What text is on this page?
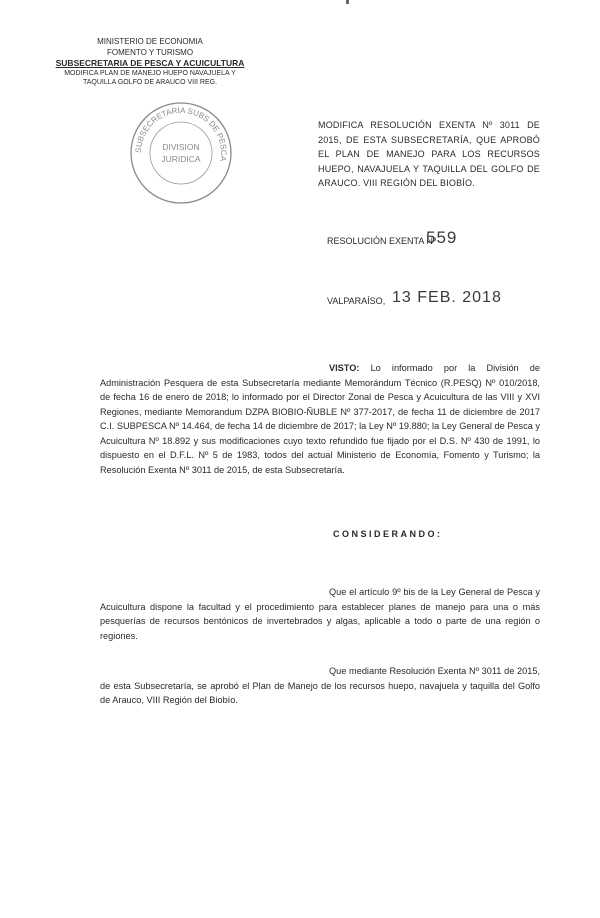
MINISTERIO DE ECONOMIA
FOMENTO Y TURISMO
SUBSECRETARIA DE PESCA Y ACUICULTURA
MODIFICA PLAN DE MANEJO HUEPO NAVAJUELA Y
TAQUILLA GOLFO DE ARAUCO VIII REG.
SUBSECRETARIA SUBS DE PESCA
DIVISION
JURIDICA
MODIFICA RESOLUCIÓN EXENTA Nº 3011 DE 2015, DE ESTA SUBSECRETARÍA, QUE APROBÓ EL PLAN DE MANEJO PARA LOS RECURSOS HUEPO, NAVAJUELA Y TAQUILLA DEL GOLFO DE ARAUCO. VIII REGIÓN DEL BIOBÍO.
RESOLUCIÓN EXENTA Nº
559
VALPARAÍSO, 13 FEB. 2018
VISTO: Lo informado por la División de Administración Pesquera de esta Subsecretaría mediante Memorándum Técnico (R.PESQ) Nº 010/2018, de fecha 16 de enero de 2018; lo informado por el Director Zonal de Pesca y Acuicultura de las VIII y XVI Regiones, mediante Memorandum DZPA BIOBIO-ÑUBLE Nº 377-2017, de fecha 11 de diciembre de 2017 C.I. SUBPESCA Nº 14.464, de fecha 14 de diciembre de 2017; la Ley Nº 19.880; la Ley General de Pesca y Acuicultura Nº 18.892 y sus modificaciones cuyo texto refundido fue fijado por el D.S. Nº 430 de 1991, lo dispuesto en el D.F.L. Nº 5 de 1983, todos del actual Ministerio de Economía, Fomento y Turismo; la Resolución Exenta Nº 3011 de 2015, de esta Subsecretaría.
CONSIDERANDO:
Que el artículo 9º bis de la Ley General de Pesca y Acuicultura dispone la facultad y el procedimiento para establecer planes de manejo para una o más pesquerías de recursos bentónicos de invertebrados y algas, aplicable a todo o parte de una región o regiones.
Que mediante Resolución Exenta Nº 3011 de 2015, de esta Subsecretaría, se aprobó el Plan de Manejo de los recursos huepo, navajuela y taquilla del Golfo de Arauco, VIII Región del Biobío.
